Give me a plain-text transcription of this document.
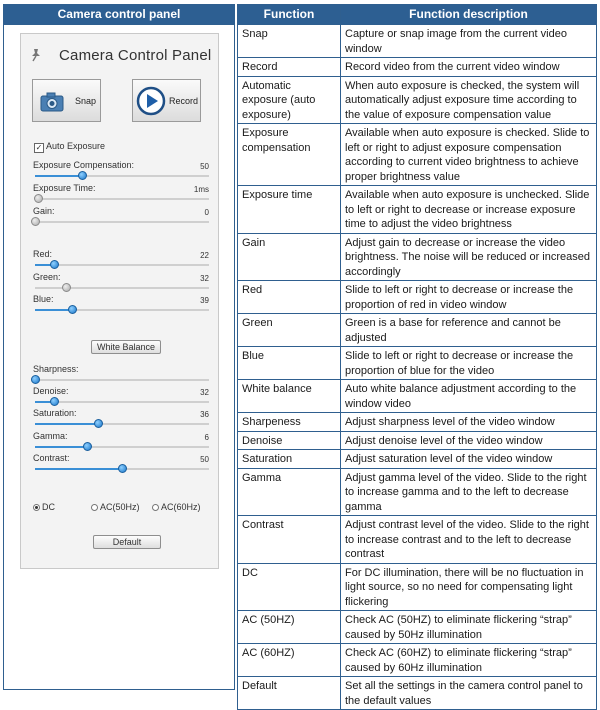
Camera control panel
Camera Control Panel
Snap	Record
✓ Auto Exposure
Exposure Compensation:	50
Exposure Time:	1ms
Gain:	0
Red:	22
Green:	32
Blue:	39
Sharpness:
Denoise:	32
Saturation:	36
Gamma:	6
Contrast:	50
White Balance
DC	AC(50Hz)	AC(60Hz)
Default
Function	Function description
Snap	Capture or snap image from the current video window
Record	Record video from the current video window
Automatic exposure (auto exposure)	When auto exposure is checked, the system will automatically adjust exposure time according to the value of exposure compensation value
Exposure compensation	Available when auto exposure is checked. Slide to left or right to adjust exposure compensation according to current video brightness to achieve proper brightness value
Exposure time	Available when auto exposure is unchecked. Slide to left or right to decrease or increase exposure time to adjust the video brightness
Gain	Adjust gain to decrease or increase the video brightness. The noise will be reduced or increased accordingly
Red	Slide to left or right to decrease or increase the proportion of red in video window
Green	Green is a base for reference and cannot be adjusted
Blue	Slide to left or right to decrease or increase the proportion of blue for the video
White balance	Auto white balance adjustment according to the window video
Sharpeness	Adjust sharpness level of the video window
Denoise	Adjust denoise level of the video window
Saturation	Adjust saturation level of the video window
Gamma	Adjust gamma level of the video. Slide to the right to increase gamma and to the left to decrease gamma
Contrast	Adjust contrast level of the video. Slide to the right to increase contrast and to the left to decrease contrast
DC	For DC illumination, there will be no fluctuation in light source, so no need for compensating light flickering
AC (50HZ)	Check AC (50HZ) to eliminate flickering “strap” caused by 50Hz illumination
AC (60HZ)	Check AC (60HZ) to eliminate flickering “strap” caused by 60Hz illumination
Default	Set all the settings in the camera control panel to the default values
